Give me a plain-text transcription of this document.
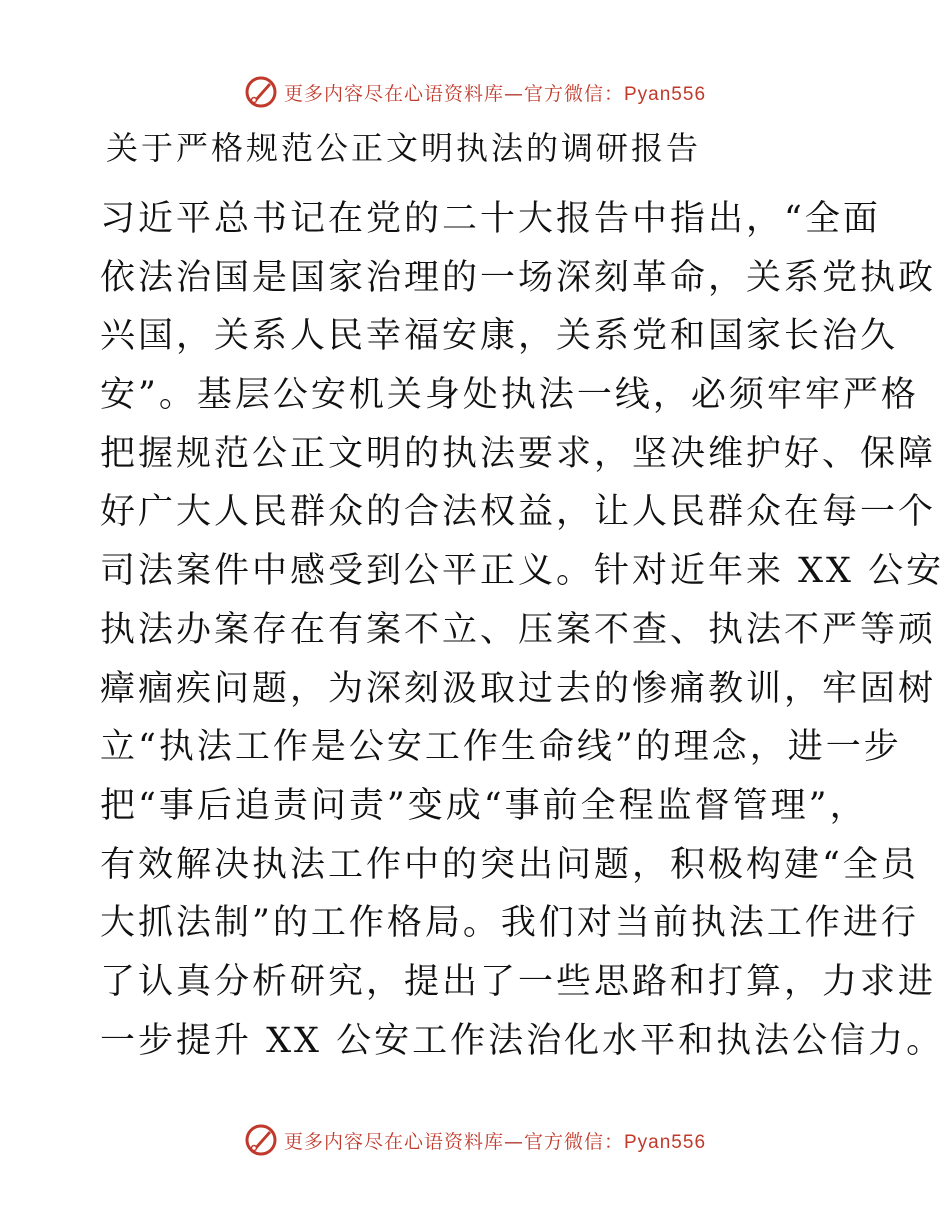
更多内容尽在心语资料库—官方微信：Pyan556
关于严格规范公正文明执法的调研报告
习近平总书记在党的二十大报告中指出，“全面
依法治国是国家治理的一场深刻革命，关系党执政
兴国，关系人民幸福安康，关系党和国家长治久
安”。基层公安机关身处执法一线，必须牢牢严格
把握规范公正文明的执法要求，坚决维护好、保障
好广大人民群众的合法权益，让人民群众在每一个
司法案件中感受到公平正义。针对近年来 XX 公安
执法办案存在有案不立、压案不查、执法不严等顽
瘴痼疾问题，为深刻汲取过去的惨痛教训，牢固树
立“执法工作是公安工作生命线”的理念，进一步
把“事后追责问责”变成“事前全程监督管理”，
有效解决执法工作中的突出问题，积极构建“全员
大抓法制”的工作格局。我们对当前执法工作进行
了认真分析研究，提出了一些思路和打算，力求进
一步提升 XX 公安工作法治化水平和执法公信力。
更多内容尽在心语资料库—官方微信：Pyan556
